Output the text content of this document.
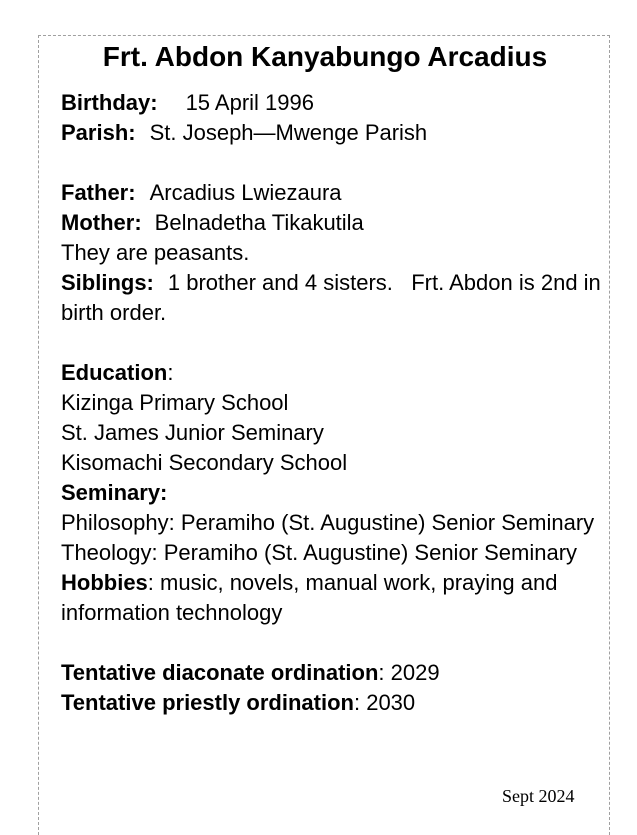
Frt. Abdon Kanyabungo Arcadius
Birthday: 15 April 1996
Parish: St. Joseph—Mwenge Parish
Father: Arcadius Lwiezaura
Mother: Belnadetha Tikakutila
They are peasants.
Siblings: 1 brother and 4 sisters.   Frt. Abdon is 2nd in birth order.
Education:
Kizinga Primary School
St. James Junior Seminary
Kisomachi Secondary School
Seminary:
Philosophy: Peramiho (St. Augustine) Senior Seminary
Theology: Peramiho (St. Augustine) Senior Seminary
Hobbies: music, novels, manual work, praying and information technology
Tentative diaconate ordination: 2029
Tentative priestly ordination: 2030
Sept 2024
